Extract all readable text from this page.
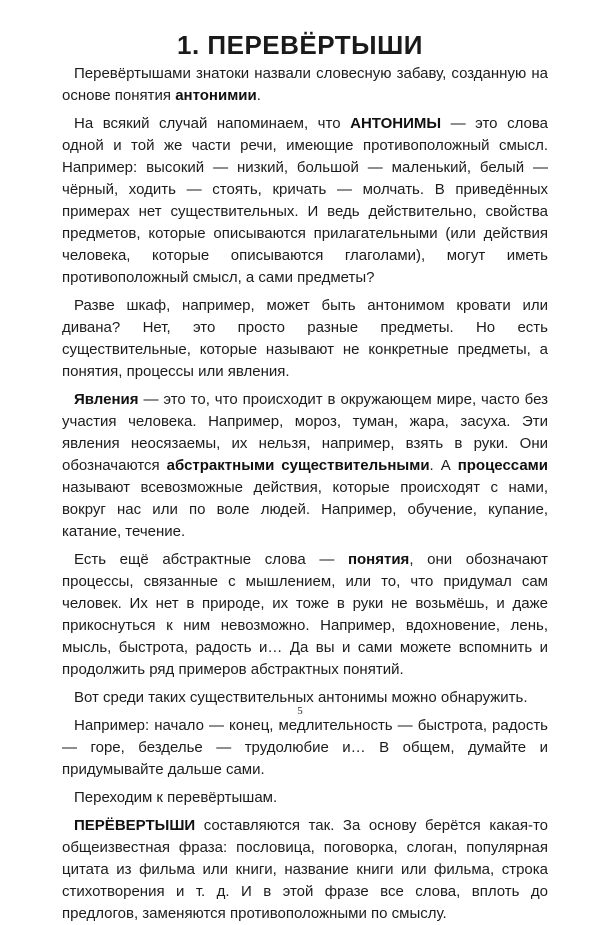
1. ПЕРЕВЁРТЫШИ

Перевёртышами знатоки назвали словесную забаву, созданную на основе понятия антонимии.

На всякий случай напоминаем, что АНТОНИМЫ — это слова одной и той же части речи, имеющие противоположный смысл. Например: высокий — низкий, большой — маленький, белый — чёрный, ходить — стоять, кричать — молчать. В приведённых примерах нет существительных. И ведь действительно, свойства предметов, которые описываются прилагательными (или действия человека, которые описываются глаголами), могут иметь противоположный смысл, а сами предметы?

Разве шкаф, например, может быть антонимом кровати или дивана? Нет, это просто разные предметы. Но есть существительные, которые называют не конкретные предметы, а понятия, процессы или явления.

Явления — это то, что происходит в окружающем мире, часто без участия человека. Например, мороз, туман, жара, засуха. Эти явления неосязаемы, их нельзя, например, взять в руки. Они обозначаются абстрактными существительными. А процессами называют всевозможные действия, которые происходят с нами, вокруг нас или по воле людей. Например, обучение, купание, катание, течение.

Есть ещё абстрактные слова — понятия, они обозначают процессы, связанные с мышлением, или то, что придумал сам человек. Их нет в природе, их тоже в руки не возьмёшь, и даже прикоснуться к ним невозможно. Например, вдохновение, лень, мысль, быстрота, радость и… Да вы и сами можете вспомнить и продолжить ряд примеров абстрактных понятий.

Вот среди таких существительных антонимы можно обнаружить.

Например: начало — конец, медлительность — быстрота, радость — горе, безделье — трудолюбие и… В общем, думайте и придумывайте дальше сами.

Переходим к перевёртышам.

ПЕРЁВЕРТЫШИ составляются так. За основу берётся какая-то общеизвестная фраза: пословица, поговорка, слоган, популярная цитата из фильма или книги, название книги или фильма, строка стихотворения и т. д. И в этой фразе все слова, вплоть до предлогов, заменяются противоположными по смыслу.

5
